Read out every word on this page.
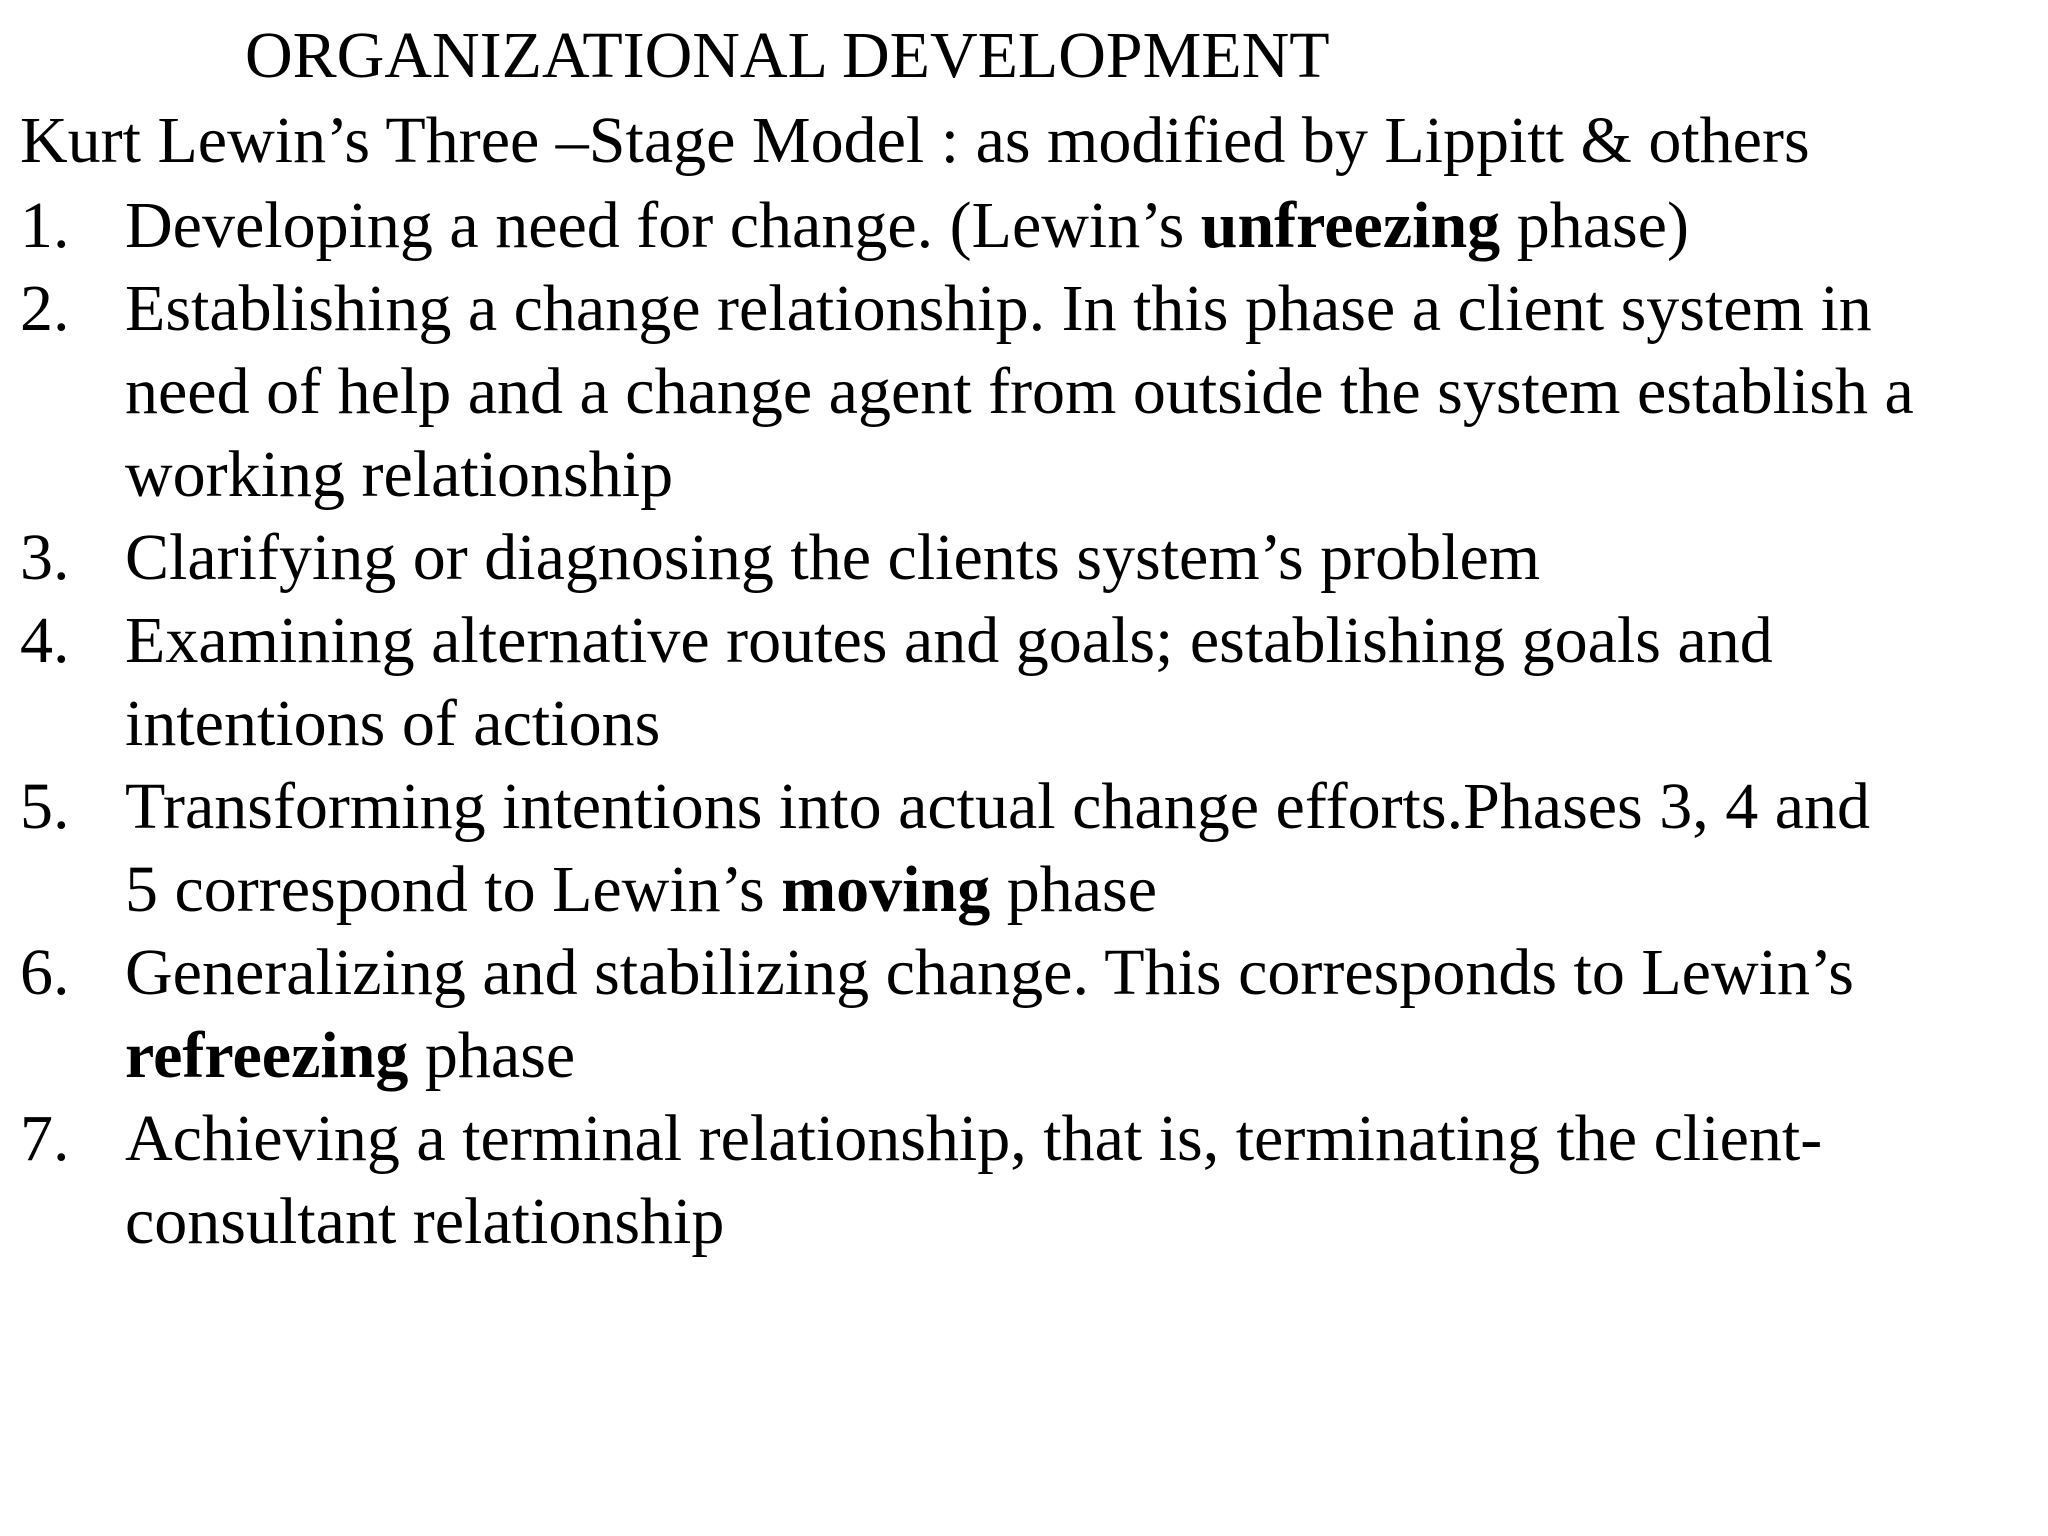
ORGANIZATIONAL DEVELOPMENT

Kurt Lewin’s Three –Stage Model : as modified by Lippitt & others

1. Developing a need for change. (Lewin’s unfreezing phase)
2. Establishing a change relationship. In this phase a client system in
need of help and a change agent from outside the system establish a
working relationship
3. Clarifying or diagnosing the clients system’s problem
4. Examining alternative routes and goals; establishing goals and
intentions of actions
5. Transforming intentions into actual change efforts.Phases 3, 4 and
5 correspond to Lewin’s moving phase
6. Generalizing and stabilizing change. This corresponds to Lewin’s
refreezing phase
7. Achieving a terminal relationship, that is, terminating the client-
consultant relationship
